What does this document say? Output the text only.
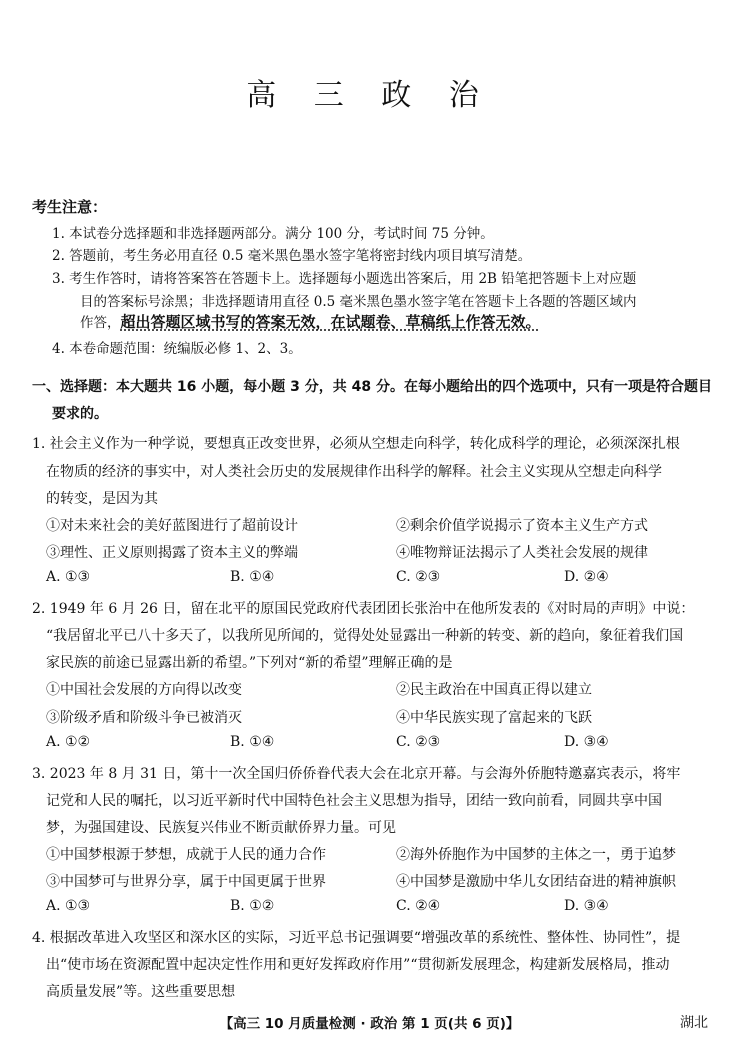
高 三 政 治
考生注意：
1. 本试卷分选择题和非选择题两部分。满分 100 分，考试时间 75 分钟。
2. 答题前，考生务必用直径 0.5 毫米黑色墨水签字笔将密封线内项目填写清楚。
3. 考生作答时，请将答案答在答题卡上。选择题每小题选出答案后，用 2B 铅笔把答题卡上对应题
目的答案标号涂黑；非选择题请用直径 0.5 毫米黑色墨水签字笔在答题卡上各题的答题区域内
作答，超出答题区域书写的答案无效，在试题卷、草稿纸上作答无效。
4. 本卷命题范围：统编版必修 1、2、3。
一、选择题：本大题共 16 小题，每小题 3 分，共 48 分。在每小题给出的四个选项中，只有一项是符合题目
要求的。
1. 社会主义作为一种学说，要想真正改变世界，必须从空想走向科学，转化成科学的理论，必须深深扎根
在物质的经济的事实中，对人类社会历史的发展规律作出科学的解释。社会主义实现从空想走向科学
的转变，是因为其
①对未来社会的美好蓝图进行了超前设计	②剩余价值学说揭示了资本主义生产方式
③理性、正义原则揭露了资本主义的弊端	④唯物辩证法揭示了人类社会发展的规律
A. ①③	B. ①④	C. ②③	D. ②④
2. 1949 年 6 月 26 日，留在北平的原国民党政府代表团团长张治中在他所发表的《对时局的声明》中说：
“我居留北平已八十多天了，以我所见所闻的，觉得处处显露出一种新的转变、新的趋向，象征着我们国
家民族的前途已显露出新的希望。”下列对“新的希望”理解正确的是
①中国社会发展的方向得以改变	②民主政治在中国真正得以建立
③阶级矛盾和阶级斗争已被消灭	④中华民族实现了富起来的飞跃
A. ①②	B. ①④	C. ②③	D. ③④
3. 2023 年 8 月 31 日，第十一次全国归侨侨眷代表大会在北京开幕。与会海外侨胞特邀嘉宾表示，将牢
记党和人民的嘱托，以习近平新时代中国特色社会主义思想为指导，团结一致向前看，同圆共享中国
梦，为强国建设、民族复兴伟业不断贡献侨界力量。可见
①中国梦根源于梦想，成就于人民的通力合作	②海外侨胞作为中国梦的主体之一，勇于追梦
③中国梦可与世界分享，属于中国更属于世界	④中国梦是激励中华儿女团结奋进的精神旗帜
A. ①③	B. ①②	C. ②④	D. ③④
4. 根据改革进入攻坚区和深水区的实际，习近平总书记强调要“增强改革的系统性、整体性、协同性”，提
出“使市场在资源配置中起决定性作用和更好发挥政府作用”“贯彻新发展理念，构建新发展格局，推动
高质量发展”等。这些重要思想
【高三 10 月质量检测 · 政治 第 1 页(共 6 页)】	湖北
